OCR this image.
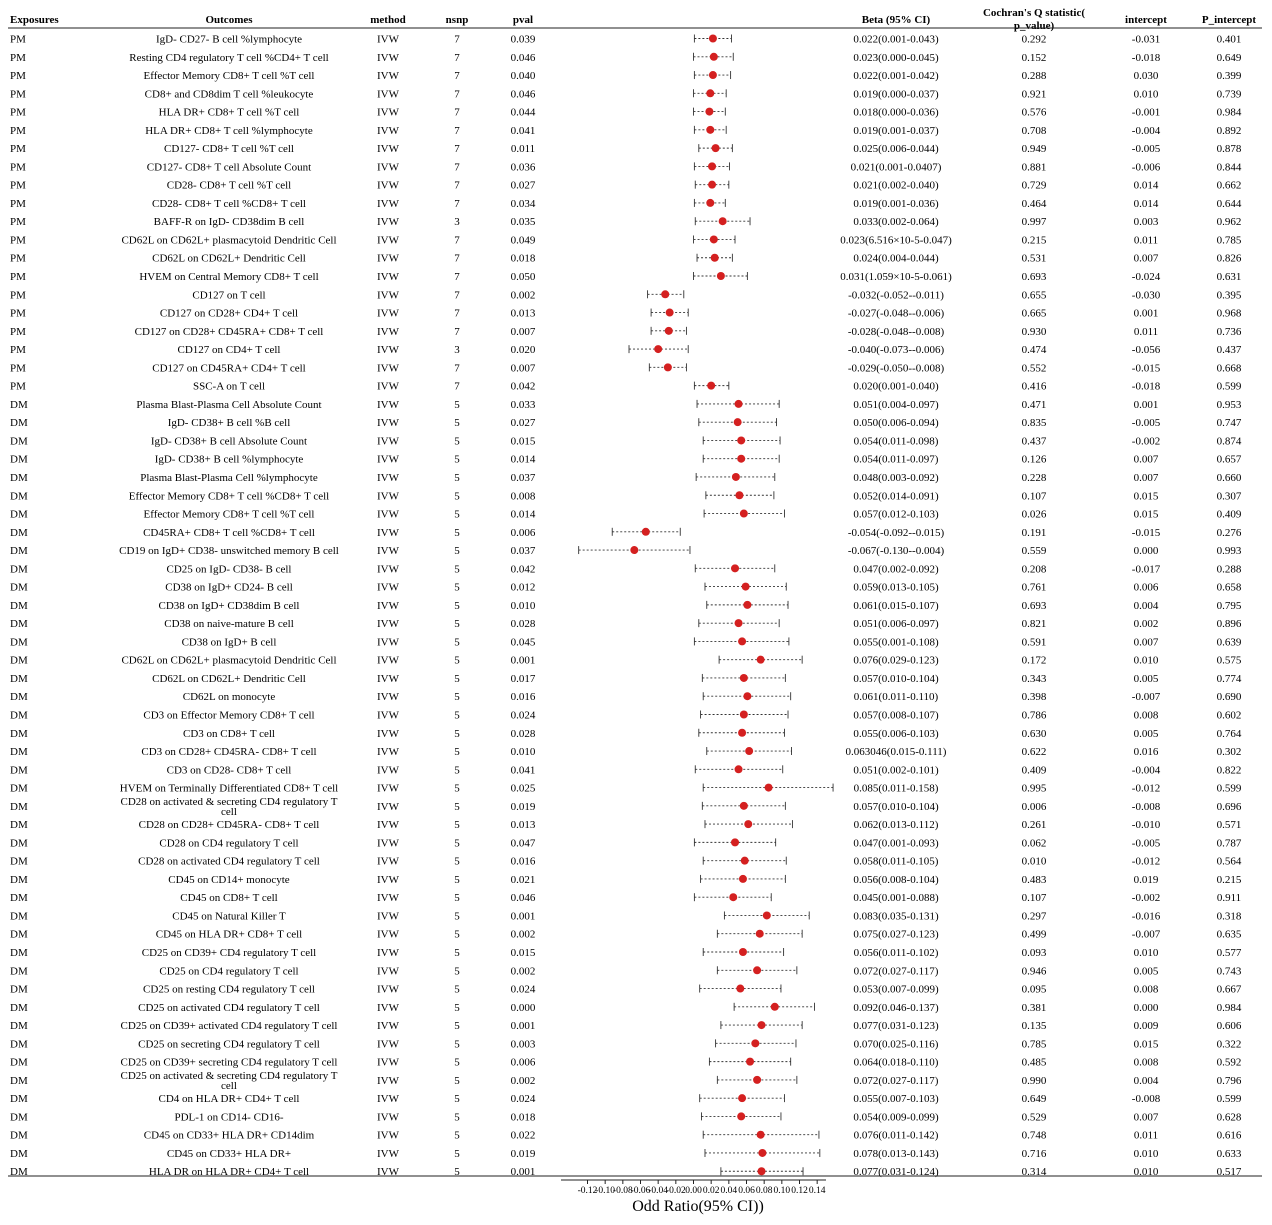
Exposures	Outcomes	method	nsnp	pval	Beta (95% CI)
Cochran's Q statistic(
p_value)	intercept	P_intercept
PM	IgD- CD27- B cell %lymphocyte	IVW	7	0.039	0.022(0.001-0.043)	0.292	-0.031	0.401
PM	Resting CD4 regulatory T cell %CD4+ T cell	IVW	7	0.046	0.023(0.000-0.045)	0.152	-0.018	0.649
PM	Effector Memory CD8+ T cell %T cell	IVW	7	0.040	0.022(0.001-0.042)	0.288	0.030	0.399
PM	CD8+ and CD8dim T cell %leukocyte	IVW	7	0.046	0.019(0.000-0.037)	0.921	0.010	0.739
PM	HLA DR+ CD8+ T cell %T cell	IVW	7	0.044	0.018(0.000-0.036)	0.576	-0.001	0.984
PM	HLA DR+ CD8+ T cell %lymphocyte	IVW	7	0.041	0.019(0.001-0.037)	0.708	-0.004	0.892
PM	CD127- CD8+ T cell %T cell	IVW	7	0.011	0.025(0.006-0.044)	0.949	-0.005	0.878
PM	CD127- CD8+ T cell Absolute Count	IVW	7	0.036	0.021(0.001-0.0407)	0.881	-0.006	0.844
PM	CD28- CD8+ T cell %T cell	IVW	7	0.027	0.021(0.002-0.040)	0.729	0.014	0.662
PM	CD28- CD8+ T cell %CD8+ T cell	IVW	7	0.034	0.019(0.001-0.036)	0.464	0.014	0.644
PM	BAFF-R on IgD- CD38dim B cell	IVW	3	0.035	0.033(0.002-0.064)	0.997	0.003	0.962
PM	CD62L on CD62L+ plasmacytoid Dendritic Cell	IVW	7	0.049	0.023(6.516×10-5-0.047)	0.215	0.011	0.785
PM	CD62L on CD62L+ Dendritic Cell	IVW	7	0.018	0.024(0.004-0.044)	0.531	0.007	0.826
PM	HVEM on Central Memory CD8+ T cell	IVW	7	0.050	0.031(1.059×10-5-0.061)	0.693	-0.024	0.631
PM	CD127 on T cell	IVW	7	0.002	-0.032(-0.052--0.011)	0.655	-0.030	0.395
PM	CD127 on CD28+ CD4+ T cell	IVW	7	0.013	-0.027(-0.048--0.006)	0.665	0.001	0.968
PM	CD127 on CD28+ CD45RA+ CD8+ T cell	IVW	7	0.007	-0.028(-0.048--0.008)	0.930	0.011	0.736
PM	CD127 on CD4+ T cell	IVW	3	0.020	-0.040(-0.073--0.006)	0.474	-0.056	0.437
PM	CD127 on CD45RA+ CD4+ T cell	IVW	7	0.007	-0.029(-0.050--0.008)	0.552	-0.015	0.668
PM	SSC-A on T cell	IVW	7	0.042	0.020(0.001-0.040)	0.416	-0.018	0.599
DM	Plasma Blast-Plasma Cell Absolute Count	IVW	5	0.033	0.051(0.004-0.097)	0.471	0.001	0.953
DM	IgD- CD38+ B cell %B cell	IVW	5	0.027	0.050(0.006-0.094)	0.835	-0.005	0.747
DM	IgD- CD38+ B cell Absolute Count	IVW	5	0.015	0.054(0.011-0.098)	0.437	-0.002	0.874
DM	IgD- CD38+ B cell %lymphocyte	IVW	5	0.014	0.054(0.011-0.097)	0.126	0.007	0.657
DM	Plasma Blast-Plasma Cell %lymphocyte	IVW	5	0.037	0.048(0.003-0.092)	0.228	0.007	0.660
DM	Effector Memory CD8+ T cell %CD8+ T cell	IVW	5	0.008	0.052(0.014-0.091)	0.107	0.015	0.307
DM	Effector Memory CD8+ T cell %T cell	IVW	5	0.014	0.057(0.012-0.103)	0.026	0.015	0.409
DM	CD45RA+ CD8+ T cell %CD8+ T cell	IVW	5	0.006	-0.054(-0.092--0.015)	0.191	-0.015	0.276
DM	CD19 on IgD+ CD38- unswitched memory B cell	IVW	5	0.037	-0.067(-0.130--0.004)	0.559	0.000	0.993
DM	CD25 on IgD- CD38- B cell	IVW	5	0.042	0.047(0.002-0.092)	0.208	-0.017	0.288
DM	CD38 on IgD+ CD24- B cell	IVW	5	0.012	0.059(0.013-0.105)	0.761	0.006	0.658
DM	CD38 on IgD+ CD38dim B cell	IVW	5	0.010	0.061(0.015-0.107)	0.693	0.004	0.795
DM	CD38 on naive-mature B cell	IVW	5	0.028	0.051(0.006-0.097)	0.821	0.002	0.896
DM	CD38 on IgD+ B cell	IVW	5	0.045	0.055(0.001-0.108)	0.591	0.007	0.639
DM	CD62L on CD62L+ plasmacytoid Dendritic Cell	IVW	5	0.001	0.076(0.029-0.123)	0.172	0.010	0.575
DM	CD62L on CD62L+ Dendritic Cell	IVW	5	0.017	0.057(0.010-0.104)	0.343	0.005	0.774
DM	CD62L on monocyte	IVW	5	0.016	0.061(0.011-0.110)	0.398	-0.007	0.690
DM	CD3 on Effector Memory CD8+ T cell	IVW	5	0.024	0.057(0.008-0.107)	0.786	0.008	0.602
DM	CD3 on CD8+ T cell	IVW	5	0.028	0.055(0.006-0.103)	0.630	0.005	0.764
DM	CD3 on CD28+ CD45RA- CD8+ T cell	IVW	5	0.010	0.063046(0.015-0.111)	0.622	0.016	0.302
DM	CD3 on CD28- CD8+ T cell	IVW	5	0.041	0.051(0.002-0.101)	0.409	-0.004	0.822
DM	HVEM on Terminally Differentiated CD8+ T cell	IVW	5	0.025	0.085(0.011-0.158)	0.995	-0.012	0.599
DM	CD28 on activated & secreting CD4 regulatory T
cell	IVW	5	0.019	0.057(0.010-0.104)	0.006	-0.008	0.696
DM	CD28 on CD28+ CD45RA- CD8+ T cell	IVW	5	0.013	0.062(0.013-0.112)	0.261	-0.010	0.571
DM	CD28 on CD4 regulatory T cell	IVW	5	0.047	0.047(0.001-0.093)	0.062	-0.005	0.787
DM	CD28 on activated CD4 regulatory T cell	IVW	5	0.016	0.058(0.011-0.105)	0.010	-0.012	0.564
DM	CD45 on CD14+ monocyte	IVW	5	0.021	0.056(0.008-0.104)	0.483	0.019	0.215
DM	CD45 on CD8+ T cell	IVW	5	0.046	0.045(0.001-0.088)	0.107	-0.002	0.911
DM	CD45 on Natural Killer T	IVW	5	0.001	0.083(0.035-0.131)	0.297	-0.016	0.318
DM	CD45 on HLA DR+ CD8+ T cell	IVW	5	0.002	0.075(0.027-0.123)	0.499	-0.007	0.635
DM	CD25 on CD39+ CD4 regulatory T cell	IVW	5	0.015	0.056(0.011-0.102)	0.093	0.010	0.577
DM	CD25 on CD4 regulatory T cell	IVW	5	0.002	0.072(0.027-0.117)	0.946	0.005	0.743
DM	CD25 on resting CD4 regulatory T cell	IVW	5	0.024	0.053(0.007-0.099)	0.095	0.008	0.667
DM	CD25 on activated CD4 regulatory T cell	IVW	5	0.000	0.092(0.046-0.137)	0.381	0.000	0.984
DM	CD25 on CD39+ activated CD4 regulatory T cell	IVW	5	0.001	0.077(0.031-0.123)	0.135	0.009	0.606
DM	CD25 on secreting CD4 regulatory T cell	IVW	5	0.003	0.070(0.025-0.116)	0.785	0.015	0.322
DM	CD25 on CD39+ secreting CD4 regulatory T cell	IVW	5	0.006	0.064(0.018-0.110)	0.485	0.008	0.592
DM	CD25 on activated & secreting CD4 regulatory T
cell	IVW	5	0.002	0.072(0.027-0.117)	0.990	0.004	0.796
DM	CD4 on HLA DR+ CD4+ T cell	IVW	5	0.024	0.055(0.007-0.103)	0.649	-0.008	0.599
DM	PDL-1 on CD14- CD16-	IVW	5	0.018	0.054(0.009-0.099)	0.529	0.007	0.628
DM	CD45 on CD33+ HLA DR+ CD14dim	IVW	5	0.022	0.076(0.011-0.142)	0.748	0.011	0.616
DM	CD45 on CD33+ HLA DR+	IVW	5	0.019	0.078(0.013-0.143)	0.716	0.010	0.633
DM	HLA DR on HLA DR+ CD4+ T cell	IVW	5	0.001	0.077(0.031-0.124)	0.314	0.010	0.517
-0.12
-0.10
-0.08
-0.06
-0.04
-0.02 0.00 0.02 0.04 0.06 0.08 0.10 0.12 0.14
Odd Ratio(95% CI))
